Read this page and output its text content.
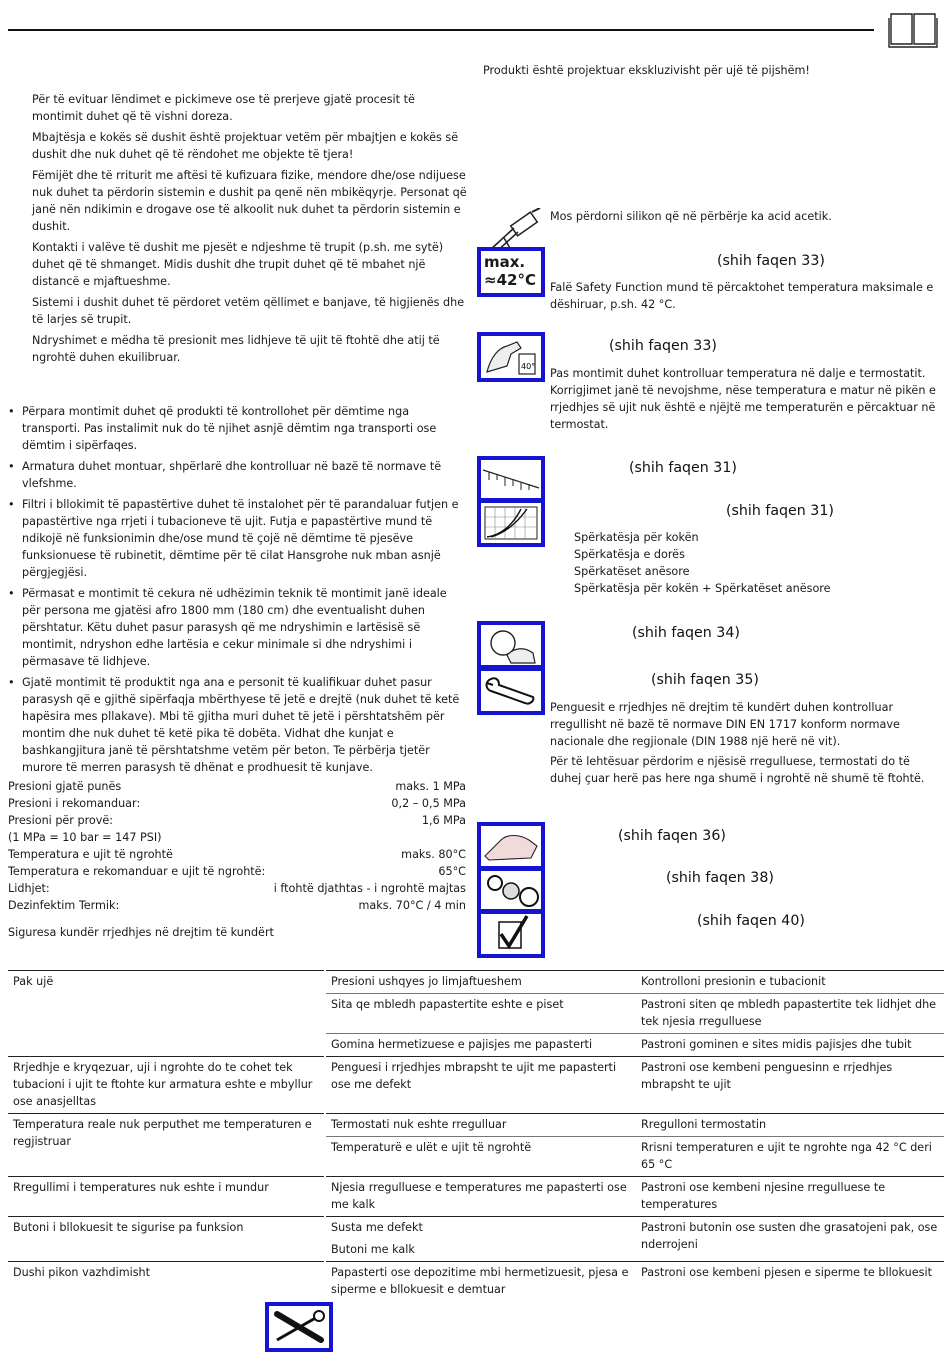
Për të evituar lëndimet e pickimeve ose të prerjeve gjatë procesit të montimit duhet që të vishni doreza.

Mbajtësja e kokës së dushit është projektuar vetëm për mbajtjen e kokës së dushit dhe nuk duhet që të rëndohet me objekte të tjera!

Fëmijët dhe të rriturit me aftësi të kufizuara fizike, mendore dhe/ose ndijuese nuk duhet ta përdorin sistemin e dushit pa qenë nën mbikëqyrje. Personat që janë nën ndikimin e drogave ose të alkoolit nuk duhet ta përdorin sistemin e dushit.

Kontakti i valëve të dushit me pjesët e ndjeshme të trupit (p.sh. me sytë) duhet që të shmanget. Midis dushit dhe trupit duhet që të mbahet një distancë e mjaftueshme.

Sistemi i dushit duhet të përdoret vetëm qëllimet e banjave, të higjienës dhe të larjes së trupit.

Ndryshimet e mëdha të presionit mes lidhjeve të ujit të ftohtë dhe atij të ngrohtë duhen ekuilibruar.

• Përpara montimit duhet që produkti të kontrollohet për dëmtime nga transporti. Pas instalimit nuk do të njihet asnjë dëmtim nga transporti ose dëmtim i sipërfaqes.

• Armatura duhet montuar, shpërlarë dhe kontrolluar në bazë të normave të vlefshme.

• Filtri i bllokimit të papastërtive duhet të instalohet për të parandaluar futjen e papastërtive nga rrjeti i tubacioneve të ujit. Futja e papastërtive mund të ndikojë në funksionimin dhe/ose mund të çojë në dëmtime të pjesëve funksionuese të rubinetit, dëmtime për të cilat Hansgrohe nuk mban asnjë përgjegjësi.

• Përmasat e montimit të cekura në udhëzimin teknik të montimit janë ideale për persona me gjatësi afro 1800 mm (180 cm) dhe eventualisht duhen përshtatur. Këtu duhet pasur parasysh që me ndryshimin e lartësisë së montimit, ndryshon edhe lartësia e cekur minimale si dhe ndryshimi i përmasave të lidhjeve.

• Gjatë montimit të produktit nga ana e personit të kualifikuar duhet pasur parasysh që e gjithë sipërfaqja mbërthyese të jetë e drejtë (nuk duhet të ketë hapësira mes pllakave). Mbi të gjitha muri duhet të jetë i përshtatshëm për montim dhe nuk duhet të ketë pika të dobëta. Vidhat dhe kunjat e bashkangjitura janë të përshtatshme vetëm për beton. Te përbërja tjetër murore të merren parasysh të dhënat e prodhuesit të kunjave.

Presioni gjatë punës	maks. 1 MPa
Presioni i rekomanduar:	0,2 – 0,5 MPa
Presioni për provë:	1,6 MPa
(1 MPa = 10 bar = 147 PSI)
Temperatura e ujit të ngrohtë	maks. 80°C
Temperatura e rekomanduar e ujit të ngrohtë:	65°C
Lidhjet:	i ftohtë djathtas - i ngrohtë majtas
Dezinfektim Termik:	maks. 70°C / 4 min
Siguresa kundër rrjedhjes në drejtim të kundërt
Produkti është projektuar ekskluzivisht për ujë të pijshëm!
Mos përdorni silikon që në përbërje ka acid acetik.
max.
≈42°C
(shih faqen 33)
Falë Safety Function mund të përcaktohet temperatura maksimale e dëshiruar, p.sh. 42 °C.
40°
(shih faqen 33)
Pas montimit duhet kontrolluar temperatura në dalje e termostatit. Korrigjimet janë të nevojshme, nëse temperatura e matur në pikën e rrjedhjes së ujit nuk është e njëjtë me temperaturën e përcaktuar në termostat.
(shih faqen 31)
(shih faqen 31)
Spërkatësja për kokën
Spërkatësja e dorës
Spërkatëset anësore
Spërkatësja për kokën + Spërkatëset anësore
(shih faqen 34)
(shih faqen 35)

Penguesit e rrjedhjes në drejtim të kundërt duhen kontrolluar rregullisht në bazë të normave DIN EN 1717 konform normave nacionale dhe regjionale (DIN 1988 një herë në vit).

Për të lehtësuar përdorim e njësisë rregulluese, termostati do të duhej çuar herë pas here nga shumë i ngrohtë në shumë të ftohtë.

(shih faqen 36)
(shih faqen 38)
(shih faqen 40)
Pak ujë	Presioni ushqyes jo limjaftueshem	Kontrolloni presionin e tubacionit
	Sita qe mbledh papastertite eshte e piset	Pastroni siten qe mbledh papastertite tek lidhjet dhe tek njesia rregulluese
	Gomina hermetizuese e pajisjes me papasterti	Pastroni gominen e sites midis pajisjes dhe tubit
Rrjedhje e kryqezuar, uji i ngrohte do te cohet tek tubacioni i ujit te ftohte kur armatura eshte e mbyllur ose anasjelltas	Penguesi i rrjedhjes mbrapsht te ujit me papasterti ose me defekt	Pastroni ose kembeni penguesinn e rrjedhjes mbrapsht te ujit
Temperatura reale nuk perputhet me temperaturen e regjistruar	Termostati nuk eshte rregulluar	Rregulloni termostatin
	Temperaturë e ulët e ujit të ngrohtë	Rrisni temperaturen e ujit te ngrohte nga 42 °C deri 65 °C
Rregullimi i temperatures nuk eshte i mundur	Njesia rregulluese e temperatures me papasterti ose me kalk	Pastroni ose kembeni njesine rregulluese te temperatures
Butoni i bllokuesit te sigurise pa funksion	Susta me defekt	Pastroni butonin ose susten dhe grasatojeni pak, ose nderrojeni
	Butoni me kalk	
Dushi pikon vazhdimisht	Papasterti ose depozitime mbi hermetizuesit, pjesa e siperme e bllokuesit e demtuar	Pastroni ose kembeni pjesen e siperme te bllokuesit
